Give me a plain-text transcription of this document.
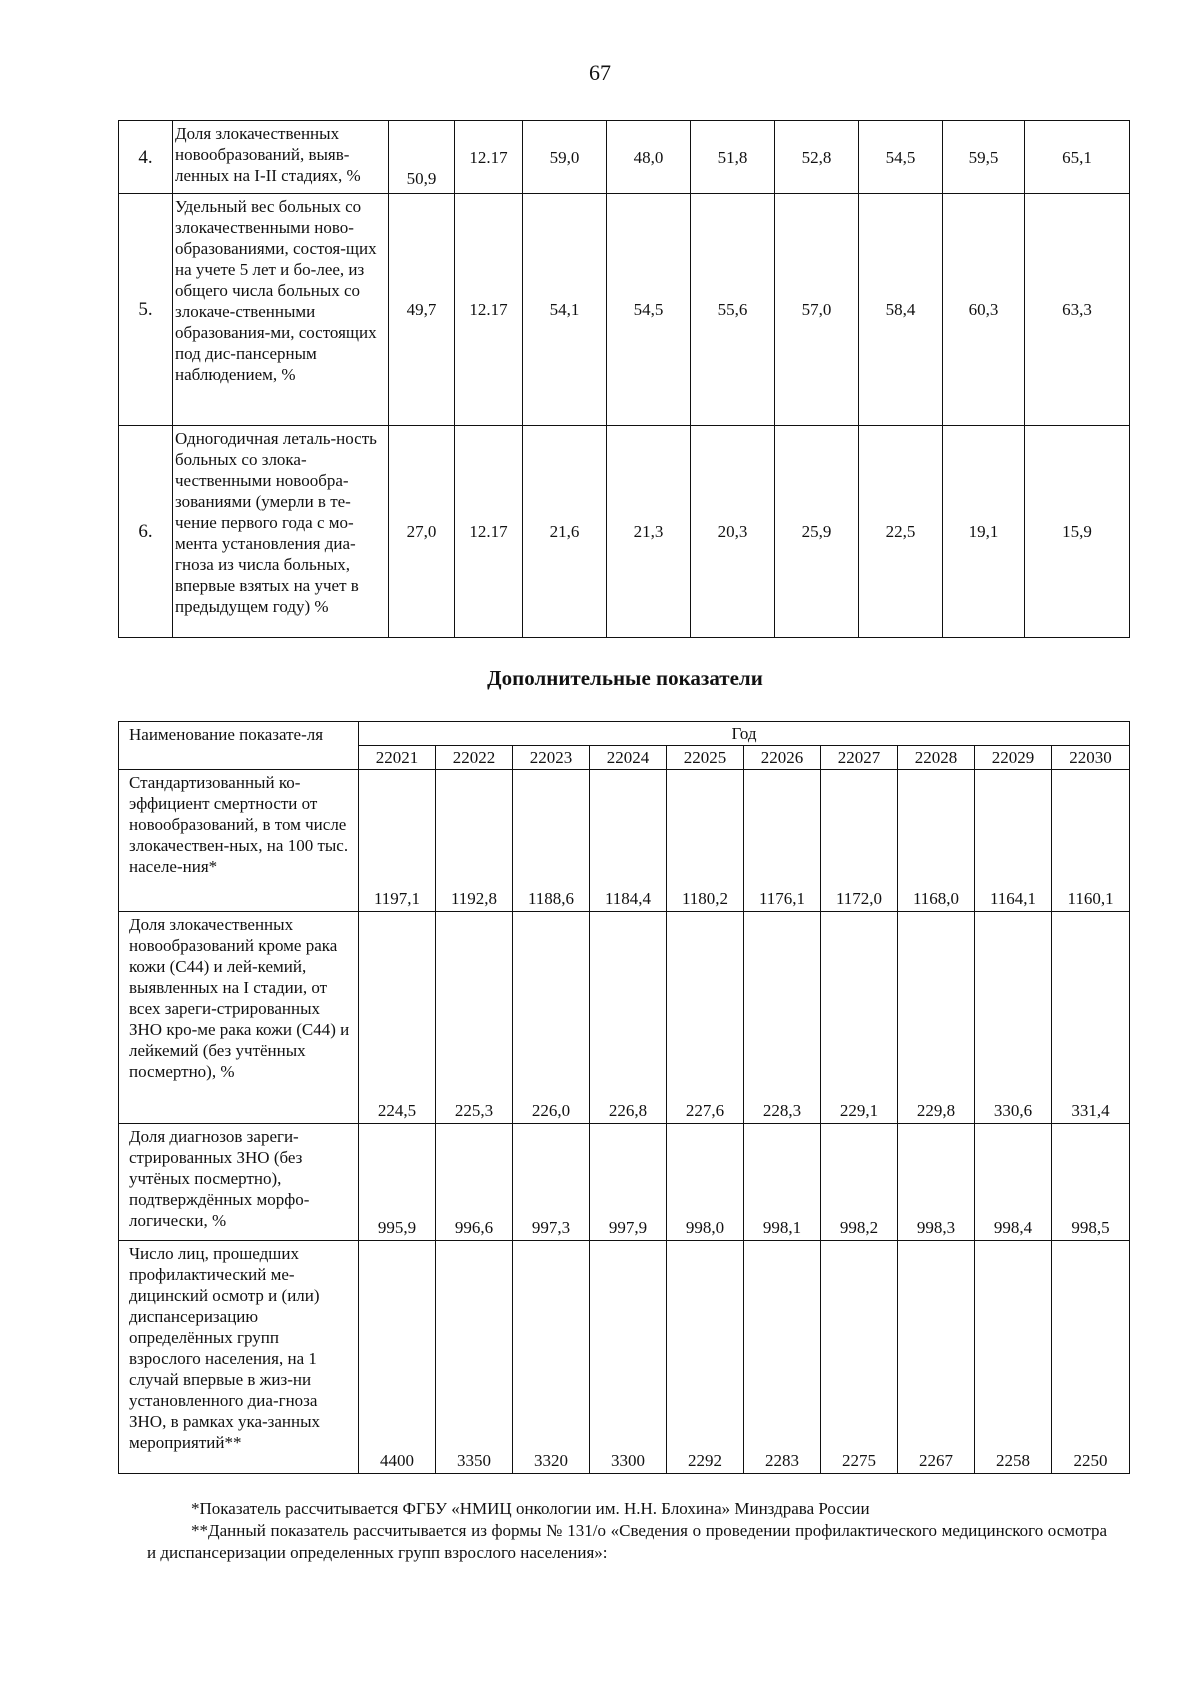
67
4.	Доля злокачественных новообразований, выяв-ленных на I-II стадиях, %	50,9	12.17	59,0	48,0	51,8	52,8	54,5	59,5	65,1
5.	Удельный вес больных со злокачественными ново-образованиями, состоя-щих на учете 5 лет и бо-лее, из общего числа больных со злокаче-ственными образования-ми, состоящих под дис-пансерным наблюдением, %	49,7	12.17	54,1	54,5	55,6	57,0	58,4	60,3	63,3
6.	Одногодичная леталь-ность больных со злока-чественными новообра-зованиями (умерли в те-чение первого года с мо-мента установления диа-гноза из числа больных, впервые взятых на учет в предыдущем году) %	27,0	12.17	21,6	21,3	20,3	25,9	22,5	19,1	15,9
Дополнительные показатели
Наименование показате-ля	Год									
	22021	22022	22023	22024	22025	22026	22027	22028	22029	22030
Стандартизованный ко-эффициент смертности от новообразований, в том числе злокачествен-ных, на 100 тыс. населе-ния*	1197,1	1192,8	1188,6	1184,4	1180,2	1176,1	1172,0	1168,0	1164,1	1160,1
Доля злокачественных новообразований кроме рака кожи (С44) и лей-кемий, выявленных на I стадии, от всех зареги-стрированных ЗНО кро-ме рака кожи (С44) и лейкемий (без учтённых посмертно), %	224,5	225,3	226,0	226,8	227,6	228,3	229,1	229,8	330,6	331,4
Доля диагнозов зареги-стрированных ЗНО (без учтёных посмертно), подтверждённых морфо-логически, %	995,9	996,6	997,3	997,9	998,0	998,1	998,2	998,3	998,4	998,5
Число лиц, прошедших профилактический ме-дицинский осмотр и (или) диспансеризацию определённых групп взрослого населения, на 1 случай впервые в жиз-ни установленного диа-гноза ЗНО, в рамках ука-занных мероприятий**	4400	3350	3320	3300	2292	2283	2275	2267	2258	2250
*Показатель рассчитывается ФГБУ «НМИЦ онкологии им. Н.Н. Блохина» Минздрава России
**Данный показатель рассчитывается из формы № 131/о «Сведения о проведении профилактического медицинского осмотра и диспансеризации определенных групп взрослого населения»:
